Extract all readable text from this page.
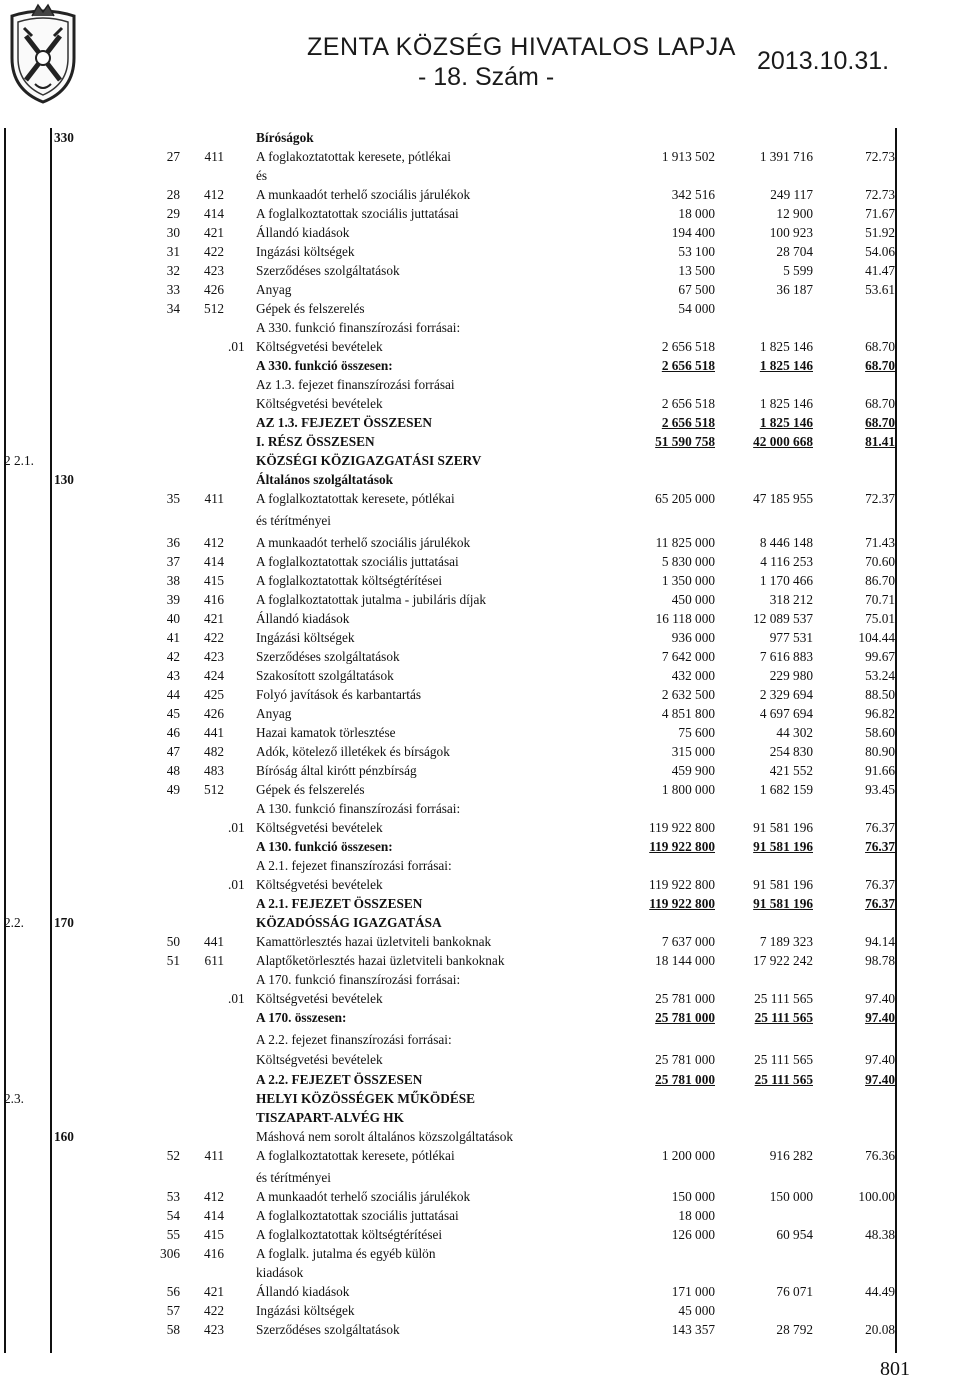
ZENTA KÖZSÉG HIVATALOS LAPJA
- 18. Szám -
2013.10.31.
330	Bíróságok
27	411 A foglakoztatottak keresete, pótlékai	1 913 502	1 391 716	72.73
és
28	412 A munkaadót terhelő szociális járulékok	342 516	249 117	72.73
29	414 A foglalkoztatottak szociális juttatásai	18 000	12 900	71.67
30	421 Állandó kiadások	194 400	100 923	51.92
31	422 Ingázási költségek	53 100	28 704	54.06
32	423 Szerződéses szolgáltatások	13 500	5 599	41.47
33	426 Anyag	67 500	36 187	53.61
34	512 Gépek és felszerelés	54 000
A 330. funkció finanszírozási forrásai:
.01 Költségvetési bevételek	2 656 518	1 825 146	68.70
A 330. funkció összesen:	2 656 518	1 825 146	68.70
Az 1.3. fejezet finanszírozási forrásai
Költségvetési bevételek	2 656 518	1 825 146	68.70
AZ 1.3. FEJEZET ÖSSZESEN	2 656 518	1 825 146	68.70
I. RÉSZ ÖSSZESEN	51 590 758	42 000 668	81.41
2 2.1.	KÖZSÉGI KÖZIGAZGATÁSI SZERV
130	Általános szolgáltatások
35	411 A foglalkoztatottak keresete, pótlékai	65 205 000	47 185 955	72.37
és térítményei
36	412 A munkaadót terhelő szociális járulékok	11 825 000	8 446 148	71.43
37	414 A foglalkoztatottak szociális juttatásai	5 830 000	4 116 253	70.60
38	415 A foglalkoztatottak költségtérítései	1 350 000	1 170 466	86.70
39	416 A foglalkoztatottak jutalma - jubiláris díjak	450 000	318 212	70.71
40	421 Állandó kiadások	16 118 000	12 089 537	75.01
41	422 Ingázási költségek	936 000	977 531	104.44
42	423 Szerződéses szolgáltatások	7 642 000	7 616 883	99.67
43	424 Szakosított szolgáltatások	432 000	229 980	53.24
44	425 Folyó javítások és karbantartás	2 632 500	2 329 694	88.50
45	426 Anyag	4 851 800	4 697 694	96.82
46	441 Hazai kamatok törlesztése	75 600	44 302	58.60
47	482 Adók, kötelező illetékek és bírságok	315 000	254 830	80.90
48	483 Bíróság által kirótt pénzbírság	459 900	421 552	91.66
49	512 Gépek és felszerelés	1 800 000	1 682 159	93.45
A 130. funkció finanszírozási forrásai:
.01 Költségvetési bevételek	119 922 800	91 581 196	76.37
A 130. funkció összesen:	119 922 800	91 581 196	76.37
A 2.1. fejezet finanszírozási forrásai:
.01 Költségvetési bevételek	119 922 800	91 581 196	76.37
A 2.1. FEJEZET ÖSSZESEN	119 922 800	91 581 196	76.37
2.2. 170	KÖZADÓSSÁG IGAZGATÁSA
50	441 Kamattörlesztés hazai üzletviteli bankoknak	7 637 000	7 189 323	94.14
51	611 Alaptőketörlesztés hazai üzletviteli bankoknak	18 144 000	17 922 242	98.78
A 170. funkció finanszírozási forrásai:
.01 Költségvetési bevételek	25 781 000	25 111 565	97.40
A 170. összesen:	25 781 000	25 111 565	97.40
A 2.2. fejezet finanszírozási forrásai:
Költségvetési bevételek	25 781 000	25 111 565	97.40
A 2.2. FEJEZET ÖSSZESEN	25 781 000	25 111 565	97.40
2.3.	HELYI KÖZÖSSÉGEK MŰKÖDÉSE
TISZAPART-ALVÉG HK
160	Máshová nem sorolt általános közszolgáltatások
52	411 A foglalkoztatottak keresete, pótlékai	1 200 000	916 282	76.36
és térítményei
53	412 A munkaadót terhelő szociális járulékok	150 000	150 000	100.00
54	414 A foglalkoztatottak szociális juttatásai	18 000
55	415 A foglalkoztatottak költségtérítései	126 000	60 954	48.38
306	416 A foglalk. jutalma és egyéb külön
kiadások
56	421 Állandó kiadások	171 000	76 071	44.49
57	422 Ingázási költségek	45 000
58	423 Szerződéses szolgáltatások	143 357	28 792	20.08
801
